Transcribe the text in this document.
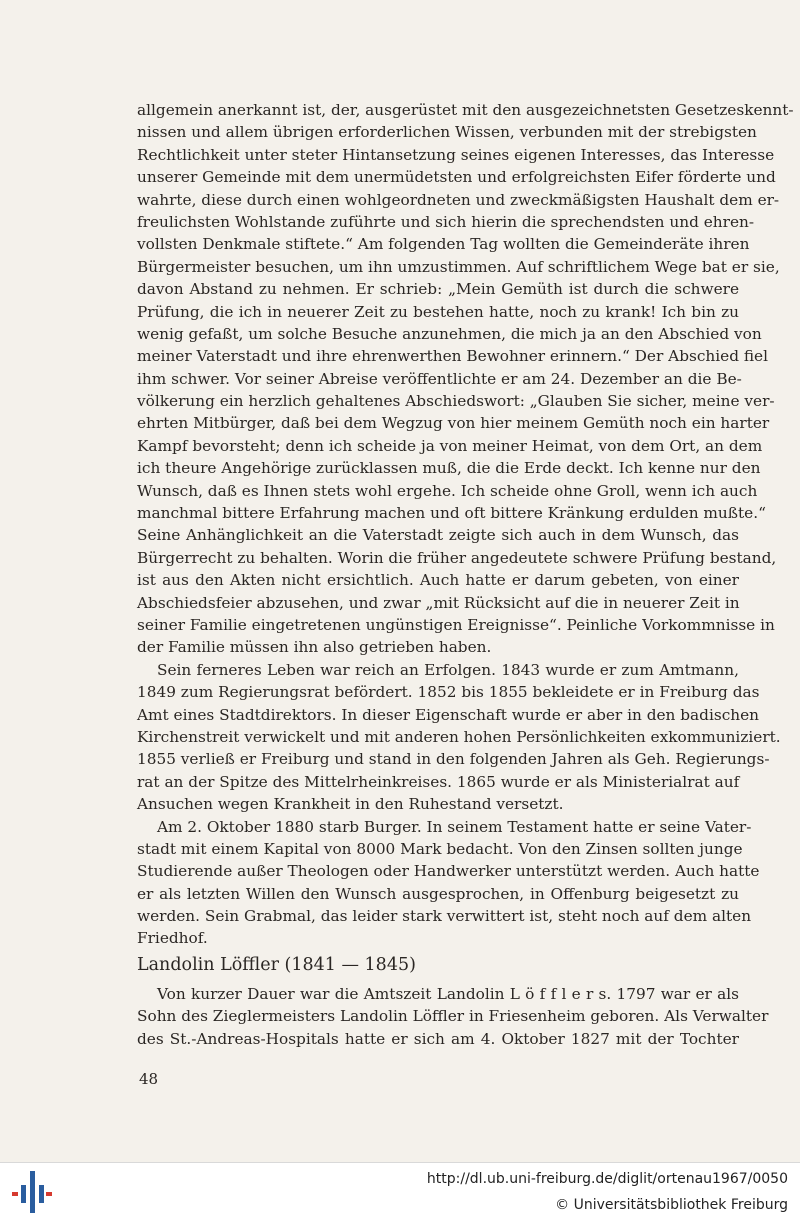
allgemein anerkannt ist, der, ausgerüstet mit den ausgezeichnetsten Gesetzeskennt-
nissen und allem übrigen erforderlichen Wissen, verbunden mit der strebigsten
Rechtlichkeit unter steter Hintansetzung seines eigenen Interesses, das Interesse
unserer Gemeinde mit dem unermüdetsten und erfolgreichsten Eifer förderte und
wahrte, diese durch einen wohlgeordneten und zweckmäßigsten Haushalt dem er-
freulichsten Wohlstande zuführte und sich hierin die sprechendsten und ehren-
vollsten Denkmale stiftete.“ Am folgenden Tag wollten die Gemeinderäte ihren
Bürgermeister besuchen, um ihn umzustimmen. Auf schriftlichem Wege bat er sie,
davon Abstand zu nehmen. Er schrieb: „Mein Gemüth ist durch die schwere
Prüfung, die ich in neuerer Zeit zu bestehen hatte, noch zu krank! Ich bin zu
wenig gefaßt, um solche Besuche anzunehmen, die mich ja an den Abschied von
meiner Vaterstadt und ihre ehrenwerthen Bewohner erinnern.“ Der Abschied fiel
ihm schwer. Vor seiner Abreise veröffentlichte er am 24. Dezember an die Be-
völkerung ein herzlich gehaltenes Abschiedswort: „Glauben Sie sicher, meine ver-
ehrten Mitbürger, daß bei dem Wegzug von hier meinem Gemüth noch ein harter
Kampf bevorsteht; denn ich scheide ja von meiner Heimat, von dem Ort, an dem
ich theure Angehörige zurücklassen muß, die die Erde deckt. Ich kenne nur den
Wunsch, daß es Ihnen stets wohl ergehe. Ich scheide ohne Groll, wenn ich auch
manchmal bittere Erfahrung machen und oft bittere Kränkung erdulden mußte.“
Seine Anhänglichkeit an die Vaterstadt zeigte sich auch in dem Wunsch, das
Bürgerrecht zu behalten. Worin die früher angedeutete schwere Prüfung bestand,
ist aus den Akten nicht ersichtlich. Auch hatte er darum gebeten, von einer
Abschiedsfeier abzusehen, und zwar „mit Rücksicht auf die in neuerer Zeit in
seiner Familie eingetretenen ungünstigen Ereignisse“. Peinliche Vorkommnisse in
der Familie müssen ihn also getrieben haben.
Sein ferneres Leben war reich an Erfolgen. 1843 wurde er zum Amtmann,
1849 zum Regierungsrat befördert. 1852 bis 1855 bekleidete er in Freiburg das
Amt eines Stadtdirektors. In dieser Eigenschaft wurde er aber in den badischen
Kirchenstreit verwickelt und mit anderen hohen Persönlichkeiten exkommuniziert.
1855 verließ er Freiburg und stand in den folgenden Jahren als Geh. Regierungs-
rat an der Spitze des Mittelrheinkreises. 1865 wurde er als Ministerialrat auf
Ansuchen wegen Krankheit in den Ruhestand versetzt.
Am 2. Oktober 1880 starb Burger. In seinem Testament hatte er seine Vater-
stadt mit einem Kapital von 8000 Mark bedacht. Von den Zinsen sollten junge
Studierende außer Theologen oder Handwerker unterstützt werden. Auch hatte
er als letzten Willen den Wunsch ausgesprochen, in Offenburg beigesetzt zu
werden. Sein Grabmal, das leider stark verwittert ist, steht noch auf dem alten
Friedhof.
Landolin Löffler (1841 — 1845)
Von kurzer Dauer war die Amtszeit Landolin L ö f f l e r s. 1797 war er als
Sohn des Zieglermeisters Landolin Löffler in Friesenheim geboren. Als Verwalter
des St.-Andreas-Hospitals hatte er sich am 4. Oktober 1827 mit der Tochter
48
http://dl.ub.uni-freiburg.de/diglit/ortenau1967/0050
© Universitätsbibliothek Freiburg
